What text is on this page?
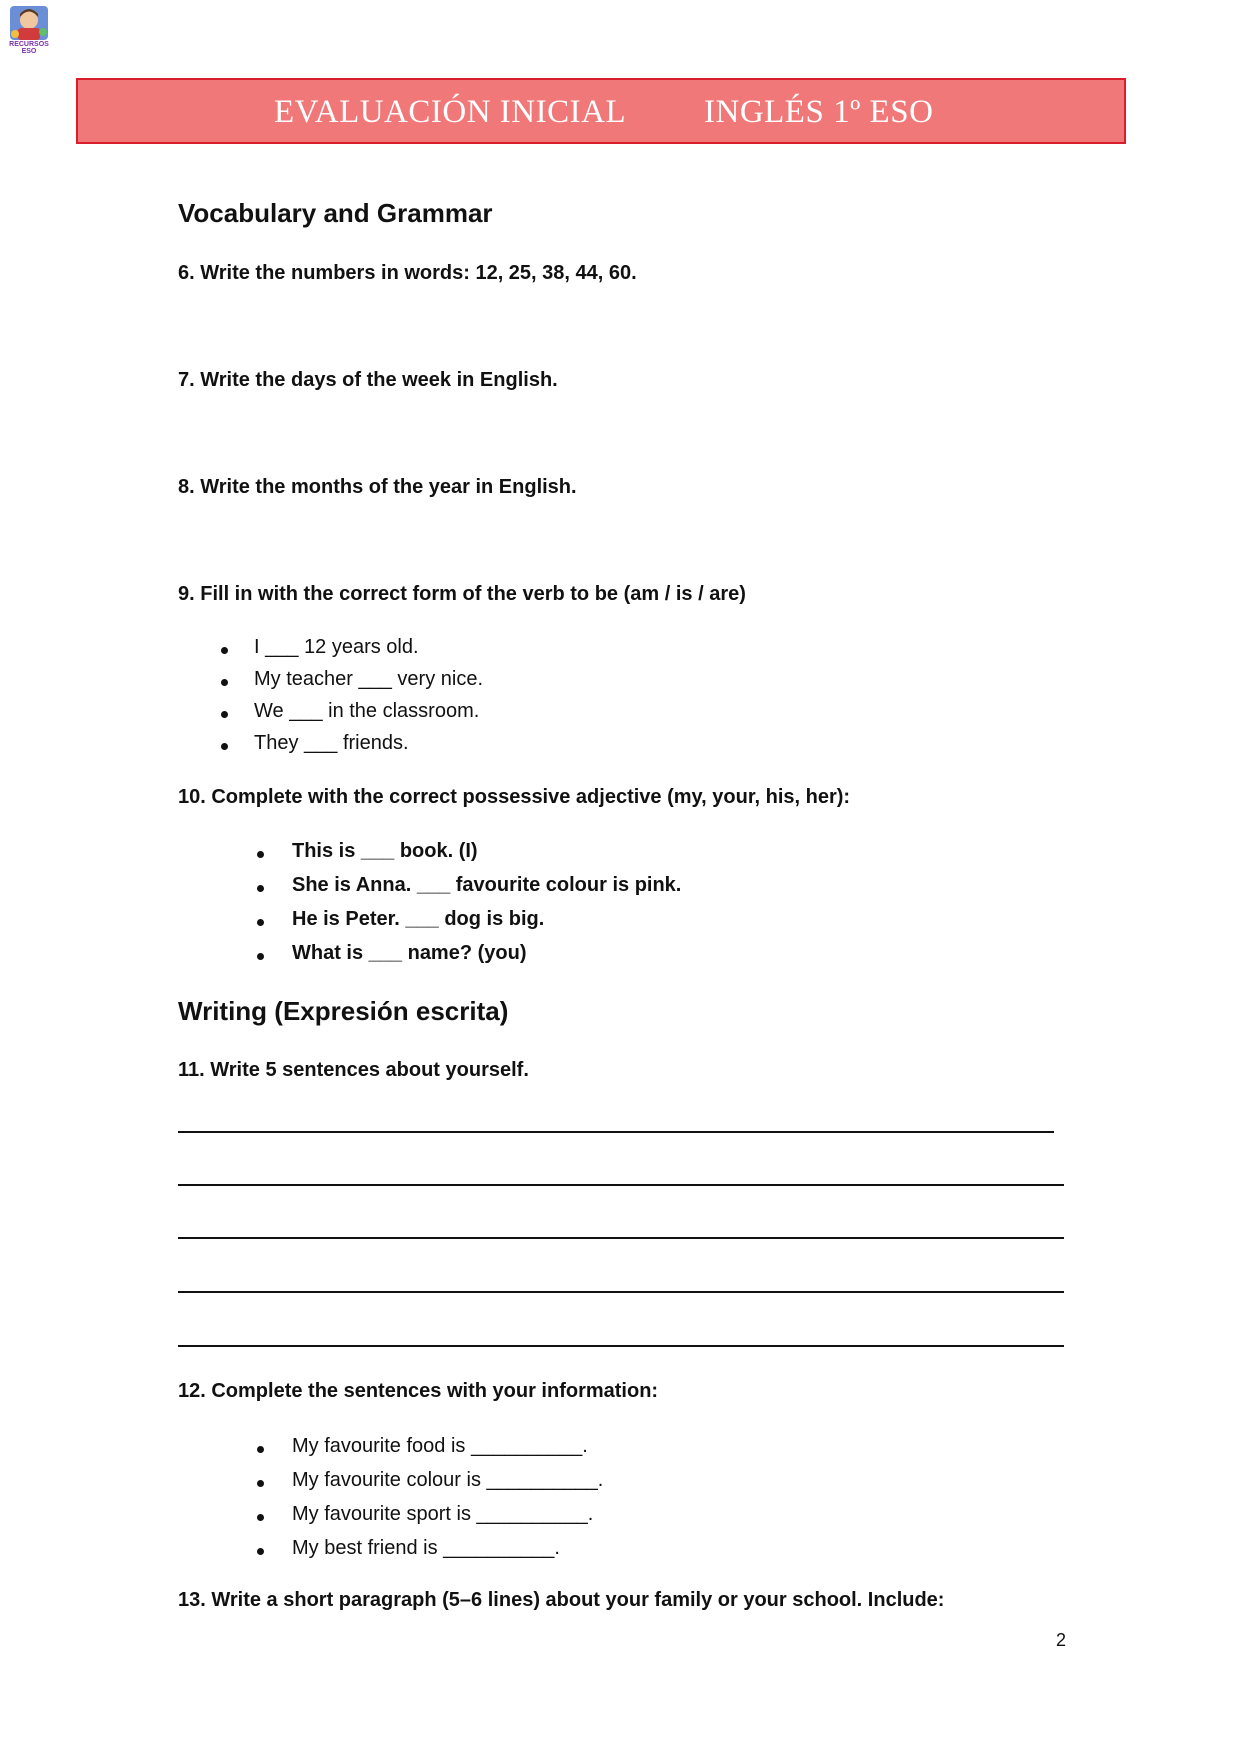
RECURSOS ESO
EVALUACIÓN INICIAL INGLÉS 1º ESO
Vocabulary and Grammar
6. Write the numbers in words: 12, 25, 38, 44, 60.
7. Write the days of the week in English.
8. Write the months of the year in English.
9. Fill in with the correct form of the verb to be (am / is / are)
I ___ 12 years old.
My teacher ___ very nice.
We ___ in the classroom.
They ___ friends.
10. Complete with the correct possessive adjective (my, your, his, her):
This is ___ book. (I)
She is Anna. ___ favourite colour is pink.
He is Peter. ___ dog is big.
What is ___ name? (you)
Writing (Expresión escrita)
11. Write 5 sentences about yourself.
12. Complete the sentences with your information:
My favourite food is __________.
My favourite colour is __________.
My favourite sport is __________.
My best friend is __________.
13. Write a short paragraph (5–6 lines) about your family or your school. Include:
2
